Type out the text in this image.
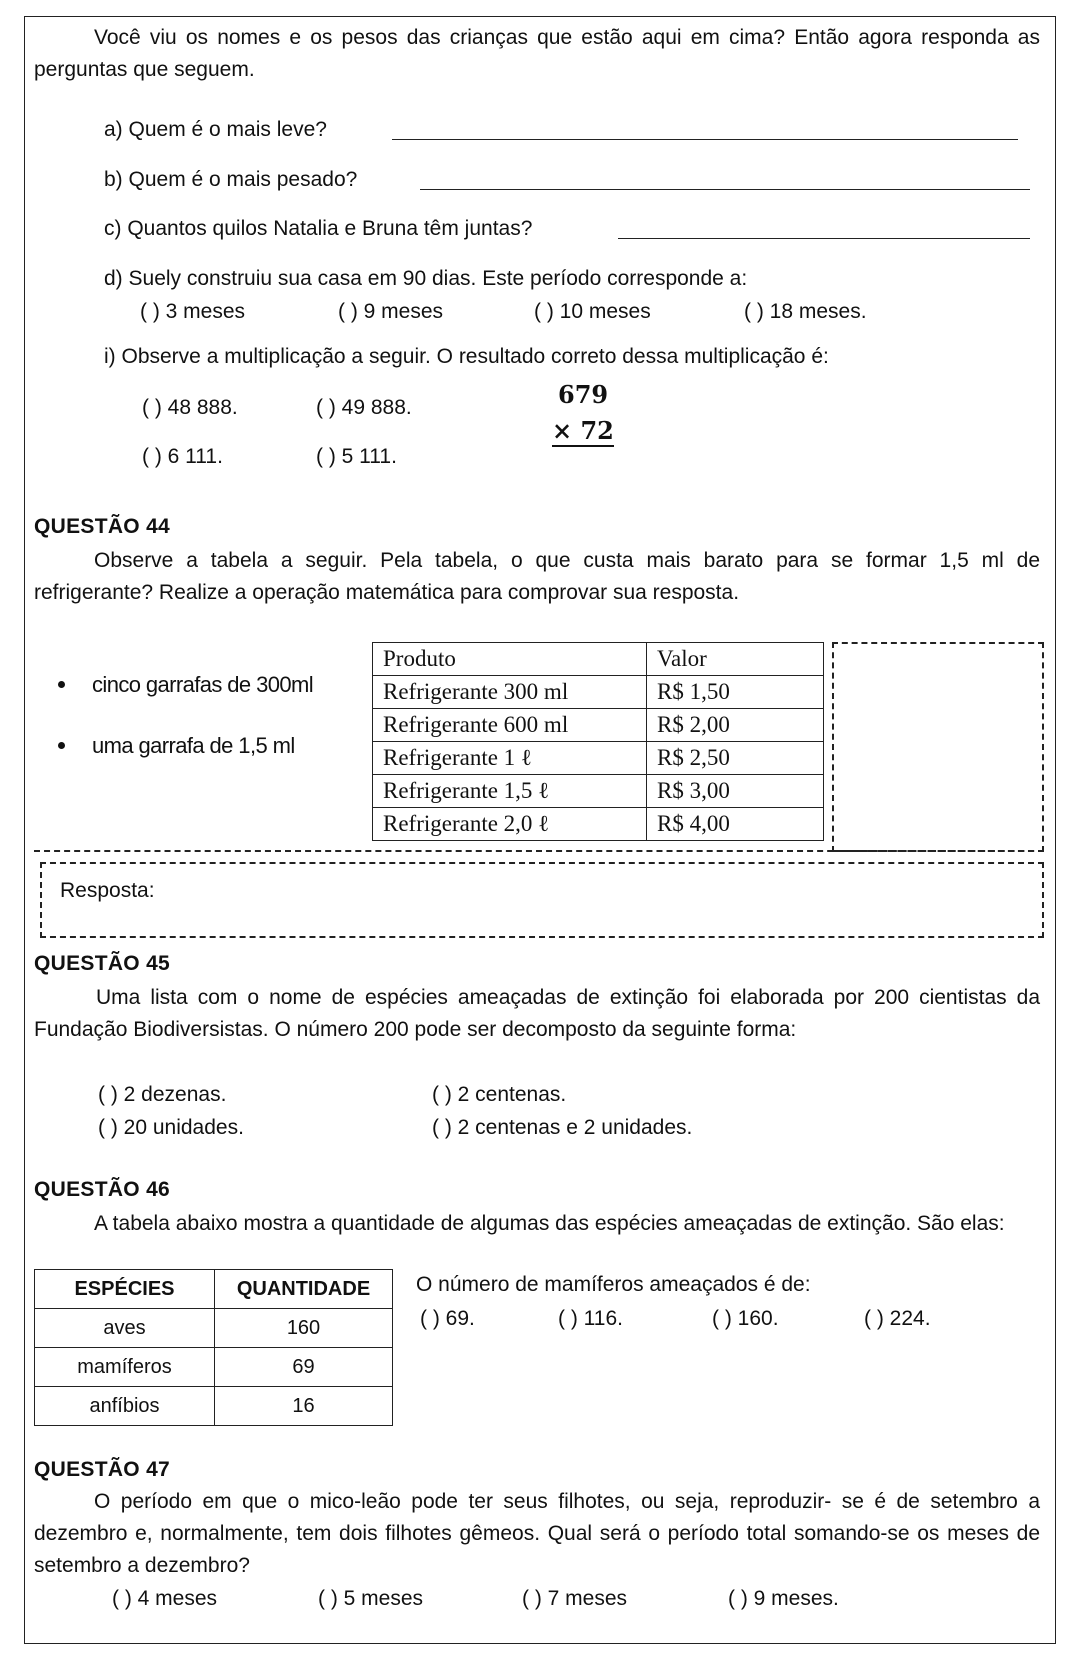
Você viu os nomes e os pesos das crianças que estão aqui em cima? Então agora responda as perguntas que seguem.
a) Quem é o mais leve?
b) Quem é o mais pesado?
c) Quantos quilos Natalia e Bruna têm juntas?
d) Suely construiu sua casa em 90 dias. Este período corresponde a:
( ) 3 meses	( ) 9 meses	( ) 10 meses	( ) 18 meses.
i) Observe a multiplicação a seguir. O resultado correto dessa multiplicação é:
( ) 48 888.	( ) 49 888.
( ) 6 111.	( ) 5 111.
679
× 72
QUESTÃO 44
Observe a tabela a seguir. Pela tabela, o que custa mais barato para se formar 1,5 ml de refrigerante? Realize a operação matemática para comprovar sua resposta.
cinco garrafas de 300ml
uma garrafa de 1,5 ml
Produto	Valor
Refrigerante 300 ml	R$ 1,50
Refrigerante 600 ml	R$ 2,00
Refrigerante 1 ℓ	R$ 2,50
Refrigerante 1,5 ℓ	R$ 3,00
Refrigerante 2,0 ℓ	R$ 4,00
Resposta:
QUESTÃO 45
Uma lista com o nome de espécies ameaçadas de extinção foi elaborada por 200 cientistas da Fundação Biodiversistas. O número 200 pode ser decomposto da seguinte forma:
( ) 2 dezenas.	( ) 2 centenas.
( ) 20 unidades.	( ) 2 centenas e 2 unidades.
QUESTÃO 46
A tabela abaixo mostra a quantidade de algumas das espécies ameaçadas de extinção. São elas:
ESPÉCIES	QUANTIDADE
aves	160
mamíferos	69
anfíbios	16
O número de mamíferos ameaçados é de:
( ) 69.	( ) 116.	( ) 160.	( ) 224.
QUESTÃO 47
O período em que o mico-leão pode ter seus filhotes, ou seja, reproduzir- se é de setembro a dezembro e, normalmente, tem dois filhotes gêmeos. Qual será o período total somando-se os meses de setembro a dezembro?
( ) 4 meses	( ) 5 meses	( ) 7 meses	( ) 9 meses.
